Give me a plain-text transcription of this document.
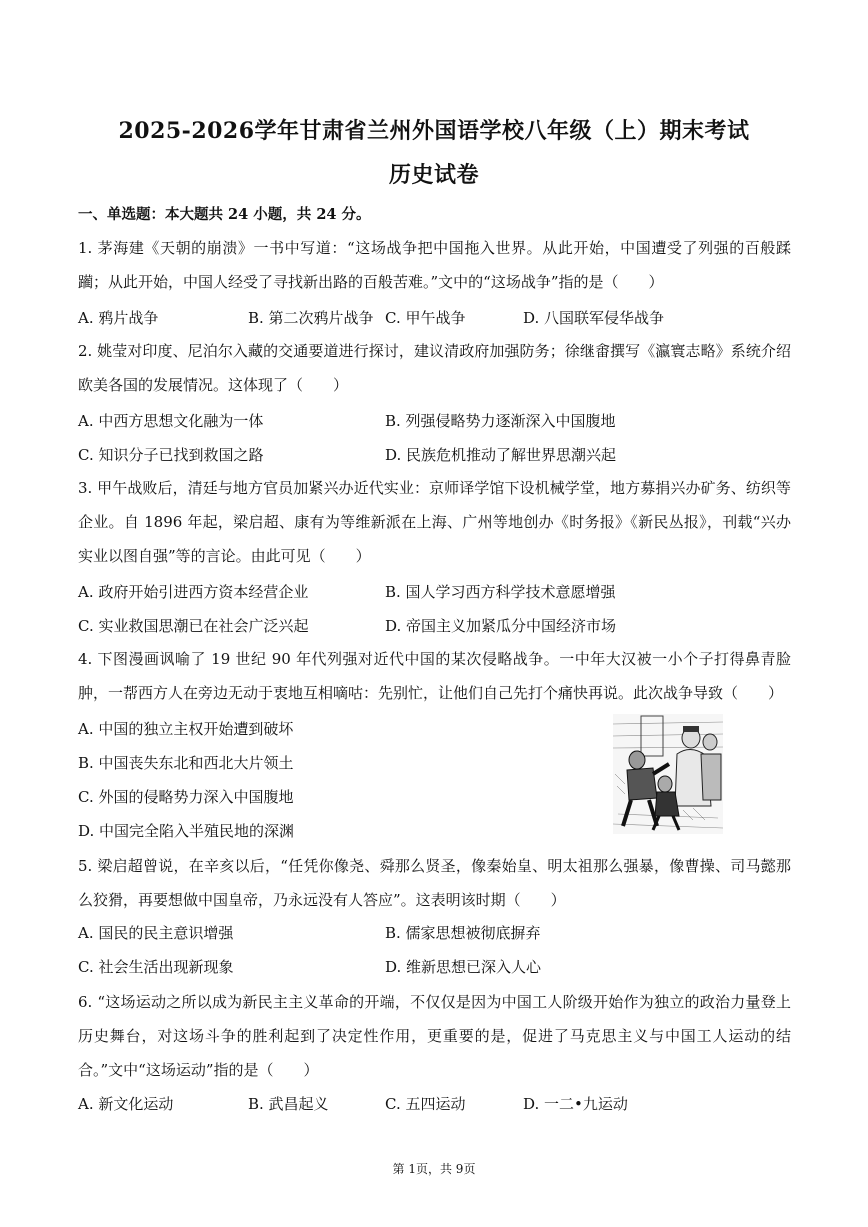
2025-2026学年甘肃省兰州外国语学校八年级（上）期末考试
历史试卷
一、单选题：本大题共 24 小题，共 24 分。
1. 茅海建《天朝的崩溃》一书中写道：“这场战争把中国拖入世界。从此开始，中国遭受了列强的百般蹂躏；从此开始，中国人经受了寻找新出路的百般苦难。”文中的“这场战争”指的是（　　）
A. 鸦片战争	B. 第二次鸦片战争 C. 甲午战争	D. 八国联军侵华战争
2. 姚莹对印度、尼泊尔入藏的交通要道进行探讨，建议清政府加强防务；徐继畬撰写《瀛寰志略》系统介绍欧美各国的发展情况。这体现了（　　）
A. 中西方思想文化融为一体	B. 列强侵略势力逐渐深入中国腹地
C. 知识分子已找到救国之路	D. 民族危机推动了解世界思潮兴起
3. 甲午战败后，清廷与地方官员加紧兴办近代实业：京师译学馆下设机械学堂，地方募捐兴办矿务、纺织等企业。自 1896 年起，梁启超、康有为等维新派在上海、广州等地创办《时务报》《新民丛报》，刊载“兴办实业以图自强”等的言论。由此可见（　　）
A. 政府开始引进西方资本经营企业	B. 国人学习西方科学技术意愿增强
C. 实业救国思潮已在社会广泛兴起	D. 帝国主义加紧瓜分中国经济市场
4. 下图漫画讽喻了 19 世纪 90 年代列强对近代中国的某次侵略战争。一中年大汉被一小个子打得鼻青脸肿，一帮西方人在旁边无动于衷地互相嘀咕：先别忙，让他们自己先打个痛快再说。此次战争导致（　　）
A. 中国的独立主权开始遭到破坏
B. 中国丧失东北和西北大片领土
C. 外国的侵略势力深入中国腹地
D. 中国完全陷入半殖民地的深渊
5. 梁启超曾说，在辛亥以后，“任凭你像尧、舜那么贤圣，像秦始皇、明太祖那么强暴，像曹操、司马懿那么狡猾，再要想做中国皇帝，乃永远没有人答应”。这表明该时期（　　）
A. 国民的民主意识增强	B. 儒家思想被彻底摒弃
C. 社会生活出现新现象	D. 维新思想已深入人心
6. “这场运动之所以成为新民主主义革命的开端，不仅仅是因为中国工人阶级开始作为独立的政治力量登上历史舞台，对这场斗争的胜利起到了决定性作用，更重要的是，促进了马克思主义与中国工人运动的结合。”文中“这场运动”指的是（　　）
A. 新文化运动	B. 武昌起义	C. 五四运动	D. 一二•九运动
第 1页，共 9页
